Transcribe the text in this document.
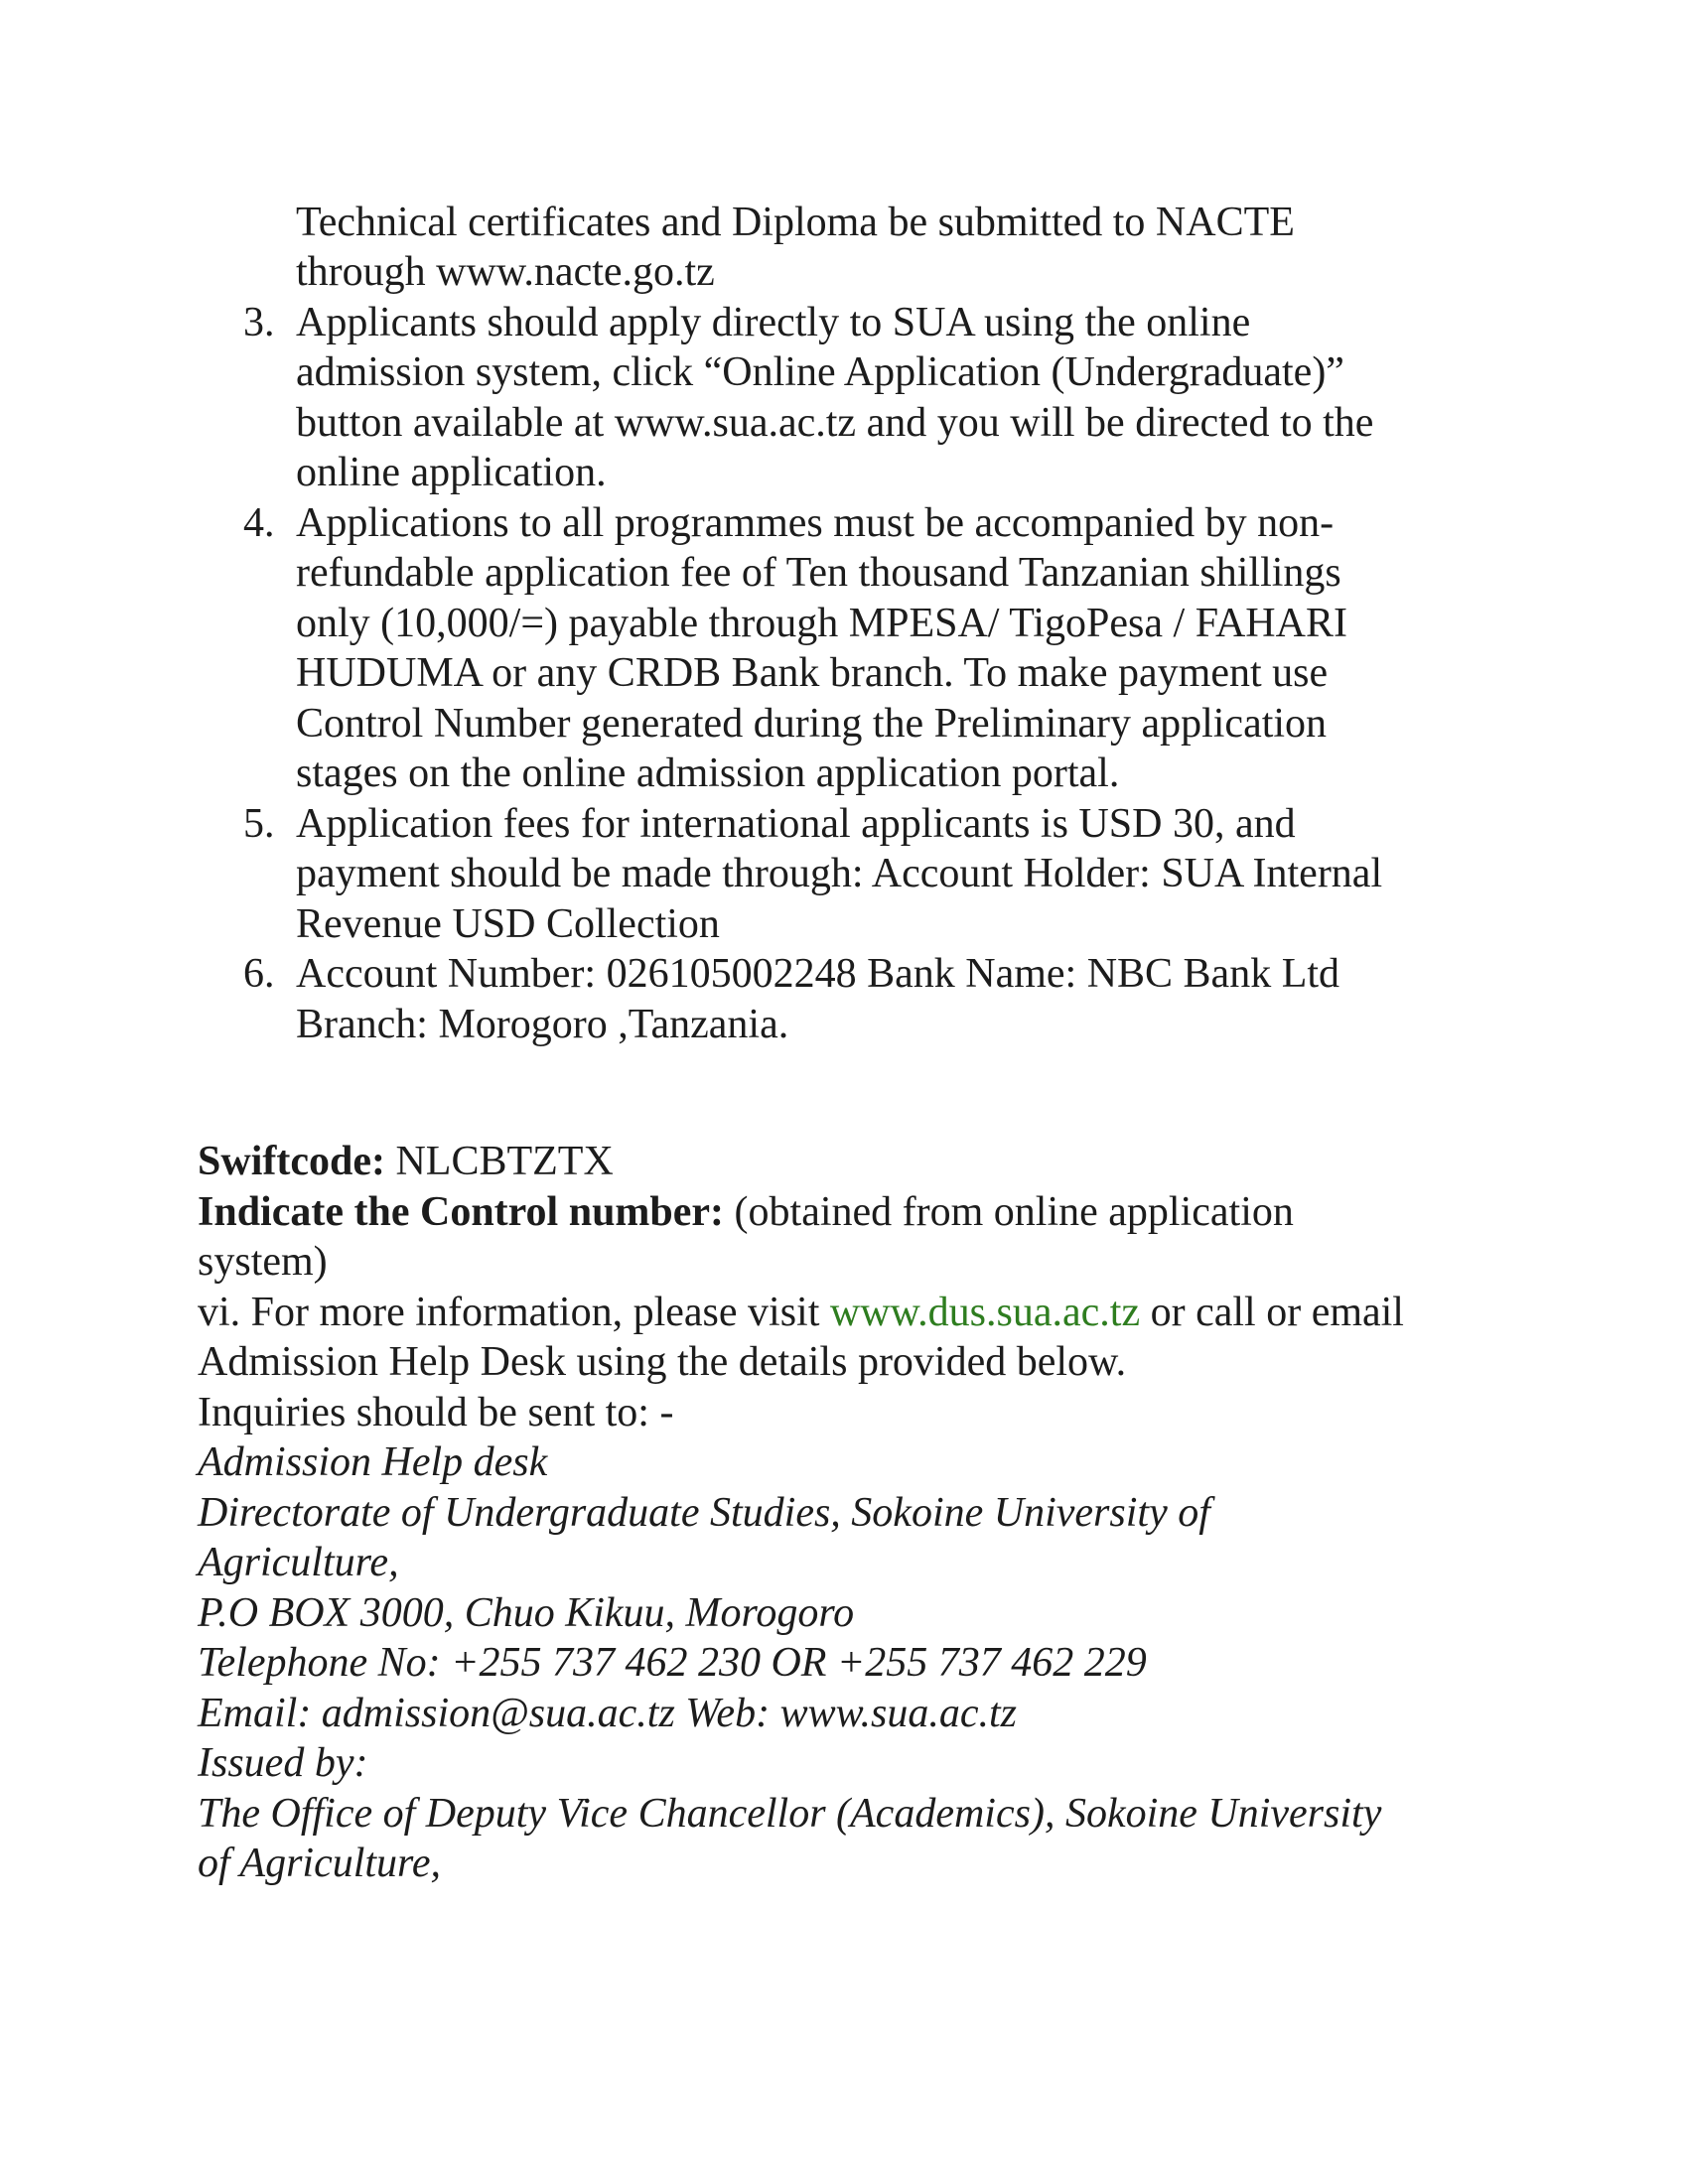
Technical certificates and Diploma be submitted to NACTE
through www.nacte.go.tz
3. Applicants should apply directly to SUA using the online
admission system, click “Online Application (Undergraduate)”
button available at www.sua.ac.tz and you will be directed to the
online application.
4. Applications to all programmes must be accompanied by non-
refundable application fee of Ten thousand Tanzanian shillings
only (10,000/=) payable through MPESA/ TigoPesa / FAHARI
HUDUMA or any CRDB Bank branch. To make payment use
Control Number generated during the Preliminary application
stages on the online admission application portal.
5. Application fees for international applicants is USD 30, and
payment should be made through: Account Holder: SUA Internal
Revenue USD Collection
6. Account Number: 026105002248 Bank Name: NBC Bank Ltd
Branch: Morogoro ,Tanzania.
Swiftcode: NLCBTZTX
Indicate the Control number: (obtained from online application
system)
vi. For more information, please visit www.dus.sua.ac.tz or call or email
Admission Help Desk using the details provided below.
Inquiries should be sent to: -
Admission Help desk
Directorate of Undergraduate Studies, Sokoine University of
Agriculture,
P.O BOX 3000, Chuo Kikuu, Morogoro
Telephone No: +255 737 462 230 OR +255 737 462 229
Email: admission@sua.ac.tz Web: www.sua.ac.tz
Issued by:
The Office of Deputy Vice Chancellor (Academics), Sokoine University
of Agriculture,
